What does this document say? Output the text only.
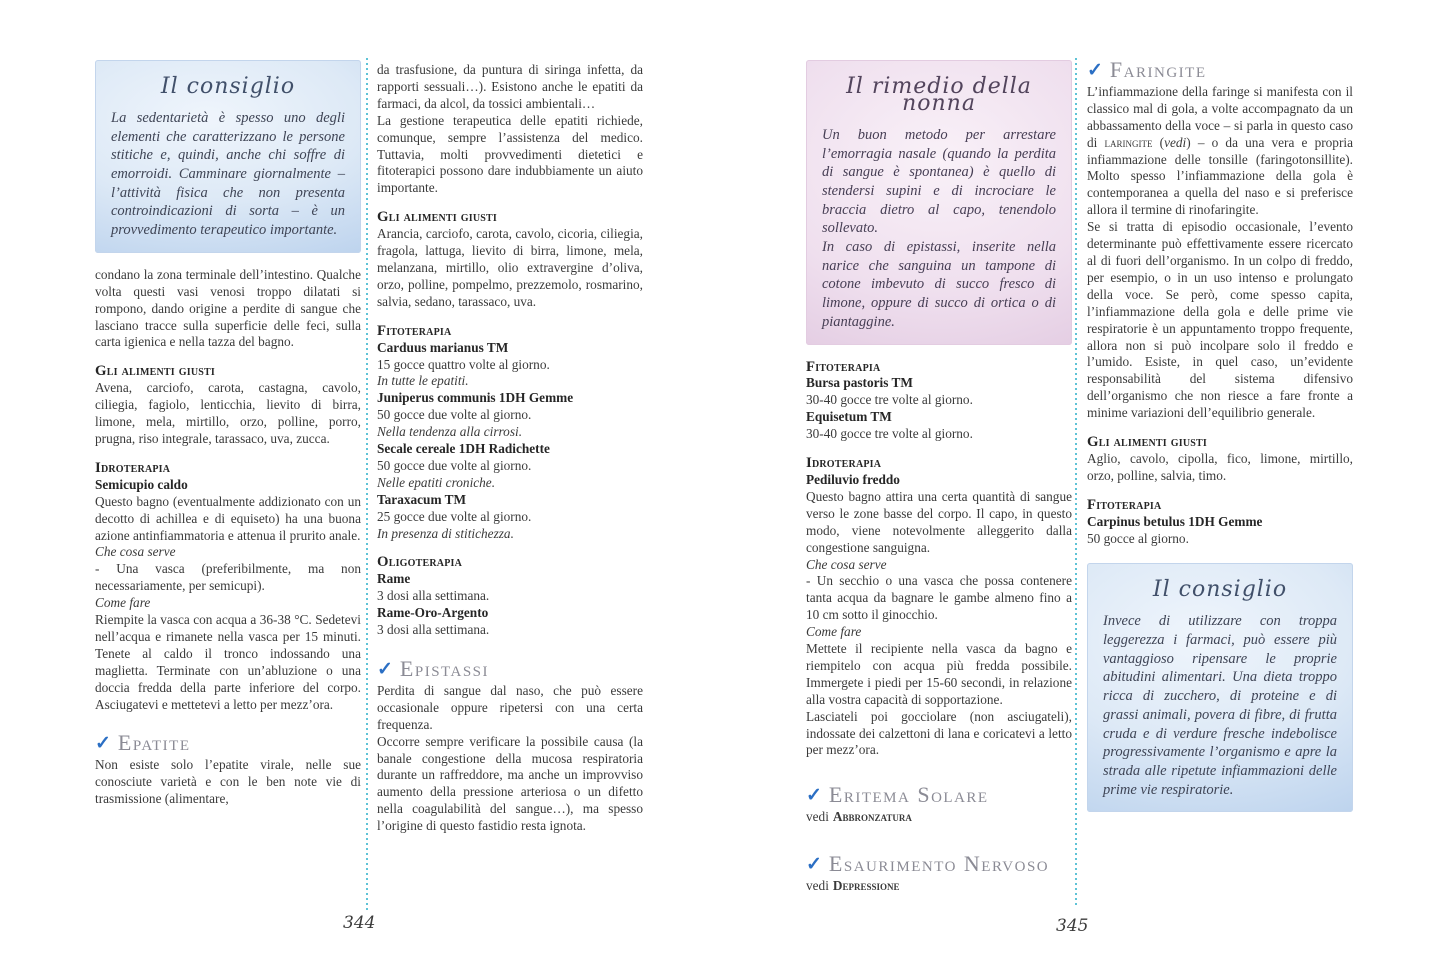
Il consiglio

La sedentarietà è spesso uno degli elementi che caratterizzano le persone stitiche e, quindi, anche chi soffre di emorroidi. Camminare giornalmente – l’attività fisica che non presenta controindicazioni di sorta – è un provvedimento terapeutico importante.

condano la zona terminale dell’intestino. Qualche volta questi vasi venosi troppo dilatati si rompono, dando origine a perdite di sangue che lasciano tracce sulla superficie delle feci, sulla carta igienica e nella tazza del bagno.

Gli alimenti giusti

Avena, carciofo, carota, castagna, cavolo, ciliegia, fagiolo, lenticchia, lievito di birra, limone, mela, mirtillo, orzo, polline, porro, prugna, riso integrale, tarassaco, uva, zucca.

Idroterapia
Semicupio caldo

Questo bagno (eventualmente addizionato con un decotto di achillea e di equiseto) ha una buona azione antinfiammatoria e attenua il prurito anale.

Che cosa serve

- Una vasca (preferibilmente, ma non necessariamente, per semicupi).

Come fare

Riempite la vasca con acqua a 36-38 °C. Sedetevi nell’acqua e rimanete nella vasca per 15 minuti. Tenete al caldo il tronco indossando una maglietta. Terminate con un’abluzione o una doccia fredda della parte inferiore del corpo. Asciugatevi e mettetevi a letto per mezz’ora.

✓ Epatite

Non esiste solo l’epatite virale, nelle sue conosciute varietà e con le ben note vie di trasmissione (alimentare,

da trasfusione, da puntura di siringa infetta, da rapporti sessuali…). Esistono anche le epatiti da farmaci, da alcol, da tossici ambientali…

La gestione terapeutica delle epatiti richiede, comunque, sempre l’assistenza del medico. Tuttavia, molti provvedimenti dietetici e fitoterapici possono dare indubbiamente un aiuto importante.

Gli alimenti giusti

Arancia, carciofo, carota, cavolo, cicoria, ciliegia, fragola, lattuga, lievito di birra, limone, mela, melanzana, mirtillo, olio extravergine d’oliva, orzo, polline, pompelmo, prezzemolo, rosmarino, salvia, sedano, tarassaco, uva.

Fitoterapia
Carduus marianus TM
15 gocce quattro volte al giorno.
In tutte le epatiti.
Juniperus communis 1DH Gemme
50 gocce due volte al giorno.
Nella tendenza alla cirrosi.
Secale cereale 1DH Radichette
50 gocce due volte al giorno.
Nelle epatiti croniche.
Taraxacum TM
25 gocce due volte al giorno.
In presenza di stitichezza.
Oligoterapia
Rame
3 dosi alla settimana.
Rame-Oro-Argento
3 dosi alla settimana.
✓ Epistassi

Perdita di sangue dal naso, che può essere occasionale oppure ripetersi con una certa frequenza.

Occorre sempre verificare la possibile causa (la banale congestione della mucosa respiratoria durante un raffreddore, ma anche un improvviso aumento della pressione arteriosa o un difetto nella coagulabilità del sangue…), ma spesso l’origine di questo fastidio resta ignota.

Il rimedio della nonna

Un buon metodo per arrestare l’emorragia nasale (quando la perdita di sangue è spontanea) è quello di stendersi supini e di incrociare le braccia dietro al capo, tenendolo sollevato.

In caso di epistassi, inserite nella narice che sanguina un tampone di cotone imbevuto di succo fresco di limone, oppure di succo di ortica o di piantaggine.

Fitoterapia
Bursa pastoris TM
30-40 gocce tre volte al giorno.
Equisetum TM
30-40 gocce tre volte al giorno.
Idroterapia
Pediluvio freddo

Questo bagno attira una certa quantità di sangue verso le zone basse del corpo. Il capo, in questo modo, viene notevolmente alleggerito dalla congestione sanguigna.

Che cosa serve

- Un secchio o una vasca che possa contenere tanta acqua da bagnare le gambe almeno fino a 10 cm sotto il ginocchio.

Come fare

Mettete il recipiente nella vasca da bagno e riempitelo con acqua più fredda possibile. Immergete i piedi per 15-60 secondi, in relazione alla vostra capacità di sopportazione.

Lasciateli poi gocciolare (non asciugateli), indossate dei calzettoni di lana e coricatevi a letto per mezz’ora.

✓ Eritema Solare

vedi Abbronzatura

✓ Esaurimento Nervoso

vedi Depressione

✓ Faringite

L’infiammazione della faringe si manifesta con il classico mal di gola, a volte accompagnato da un abbassamento della voce – si parla in questo caso di laringite (vedi) – o da una vera e propria infiammazione delle tonsille (faringotonsillite). Molto spesso l’infiammazione della gola è contemporanea a quella del naso e si preferisce allora il termine di rinofaringite.

Se si tratta di episodio occasionale, l’evento determinante può effettivamente essere ricercato al di fuori dell’organismo. In un colpo di freddo, per esempio, o in un uso intenso e prolungato della voce. Se però, come spesso capita, l’infiammazione della gola e delle prime vie respiratorie è un appuntamento troppo frequente, allora non si può incolpare solo il freddo e l’umido. Esiste, in quel caso, un’evidente responsabilità del sistema difensivo dell’organismo che non riesce a fare fronte a minime variazioni dell’equilibrio generale.

Gli alimenti giusti

Aglio, cavolo, cipolla, fico, limone, mirtillo, orzo, polline, salvia, timo.

Fitoterapia
Carpinus betulus 1DH Gemme
50 gocce al giorno.
Il consiglio

Invece di utilizzare con troppa leggerezza i farmaci, può essere più vantaggioso ripensare le proprie abitudini alimentari. Una dieta troppo ricca di zucchero, di proteine e di grassi animali, povera di fibre, di frutta cruda e di verdure fresche indebolisce progressivamente l’organismo e apre la strada alle ripetute infiammazioni delle prime vie respiratorie.

344	345
